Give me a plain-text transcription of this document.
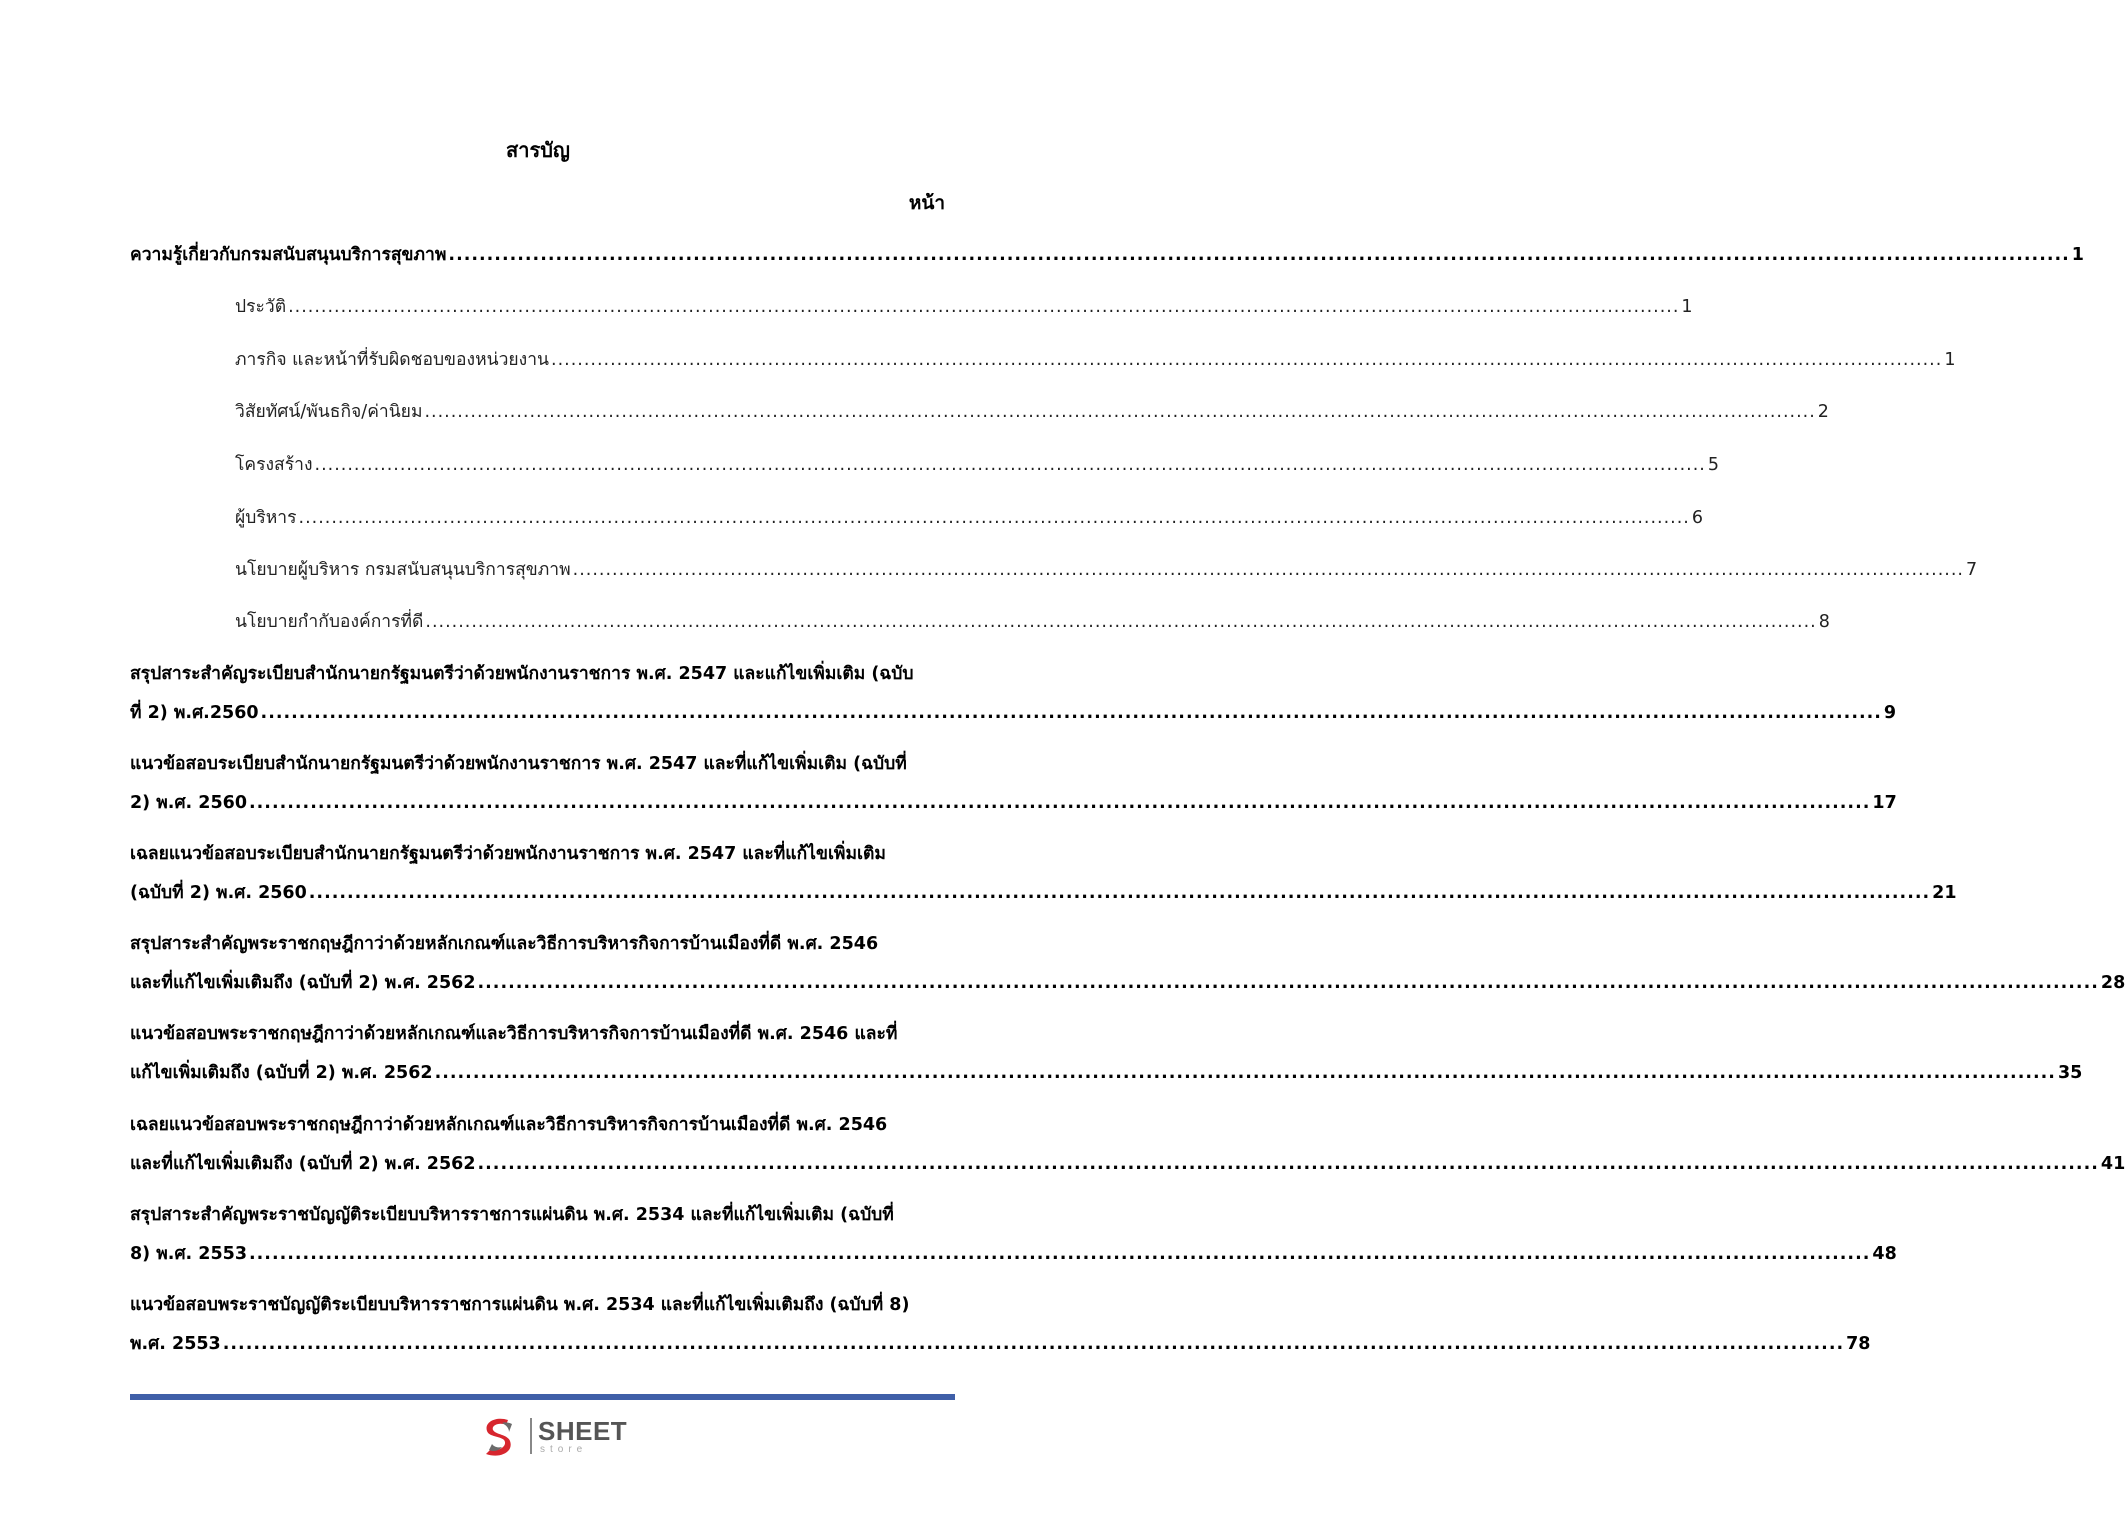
สารบัญ
หน้า
ความรู้เกี่ยวกับกรมสนับสนุนบริการสุขภาพ .................................................................................................................................................................................................................... 1
ประวัติ .................................................................................................................................................................................................................... 1
ภารกิจ และหน้าที่รับผิดชอบของหน่วยงาน .................................................................................................................................................................................................................... 1
วิสัยทัศน์/พันธกิจ/ค่านิยม .................................................................................................................................................................................................................... 2
โครงสร้าง .................................................................................................................................................................................................................... 5
ผู้บริหาร .................................................................................................................................................................................................................... 6
นโยบายผู้บริหาร กรมสนับสนุนบริการสุขภาพ .................................................................................................................................................................................................................... 7
นโยบายกำกับองค์การที่ดี .................................................................................................................................................................................................................... 8
สรุปสาระสำคัญระเบียบสำนักนายกรัฐมนตรีว่าด้วยพนักงานราชการ พ.ศ. 2547 และแก้ไขเพิ่มเติม (ฉบับ
ที่ 2) พ.ศ.2560 .................................................................................................................................................................................................................... 9
แนวข้อสอบระเบียบสำนักนายกรัฐมนตรีว่าด้วยพนักงานราชการ พ.ศ. 2547 และที่แก้ไขเพิ่มเติม (ฉบับที่
2) พ.ศ. 2560 .................................................................................................................................................................................................................... 17
เฉลยแนวข้อสอบระเบียบสำนักนายกรัฐมนตรีว่าด้วยพนักงานราชการ พ.ศ. 2547 และที่แก้ไขเพิ่มเติม
(ฉบับที่ 2) พ.ศ. 2560 .................................................................................................................................................................................................................... 21
สรุปสาระสำคัญพระราชกฤษฎีกาว่าด้วยหลักเกณฑ์และวิธีการบริหารกิจการบ้านเมืองที่ดี พ.ศ. 2546
และที่แก้ไขเพิ่มเติมถึง (ฉบับที่ 2) พ.ศ. 2562 .................................................................................................................................................................................................................... 28
แนวข้อสอบพระราชกฤษฎีกาว่าด้วยหลักเกณฑ์และวิธีการบริหารกิจการบ้านเมืองที่ดี พ.ศ. 2546 และที่
แก้ไขเพิ่มเติมถึง (ฉบับที่ 2) พ.ศ. 2562 .................................................................................................................................................................................................................... 35
เฉลยแนวข้อสอบพระราชกฤษฎีกาว่าด้วยหลักเกณฑ์และวิธีการบริหารกิจการบ้านเมืองที่ดี พ.ศ. 2546
และที่แก้ไขเพิ่มเติมถึง (ฉบับที่ 2) พ.ศ. 2562 .................................................................................................................................................................................................................... 41
สรุปสาระสำคัญพระราชบัญญัติระเบียบบริหารราชการแผ่นดิน พ.ศ. 2534 และที่แก้ไขเพิ่มเติม (ฉบับที่
8) พ.ศ. 2553 .................................................................................................................................................................................................................... 48
แนวข้อสอบพระราชบัญญัติระเบียบบริหารราชการแผ่นดิน พ.ศ. 2534 และที่แก้ไขเพิ่มเติมถึง (ฉบับที่ 8)
พ.ศ. 2553 .................................................................................................................................................................................................................... 78
SHEET
store
